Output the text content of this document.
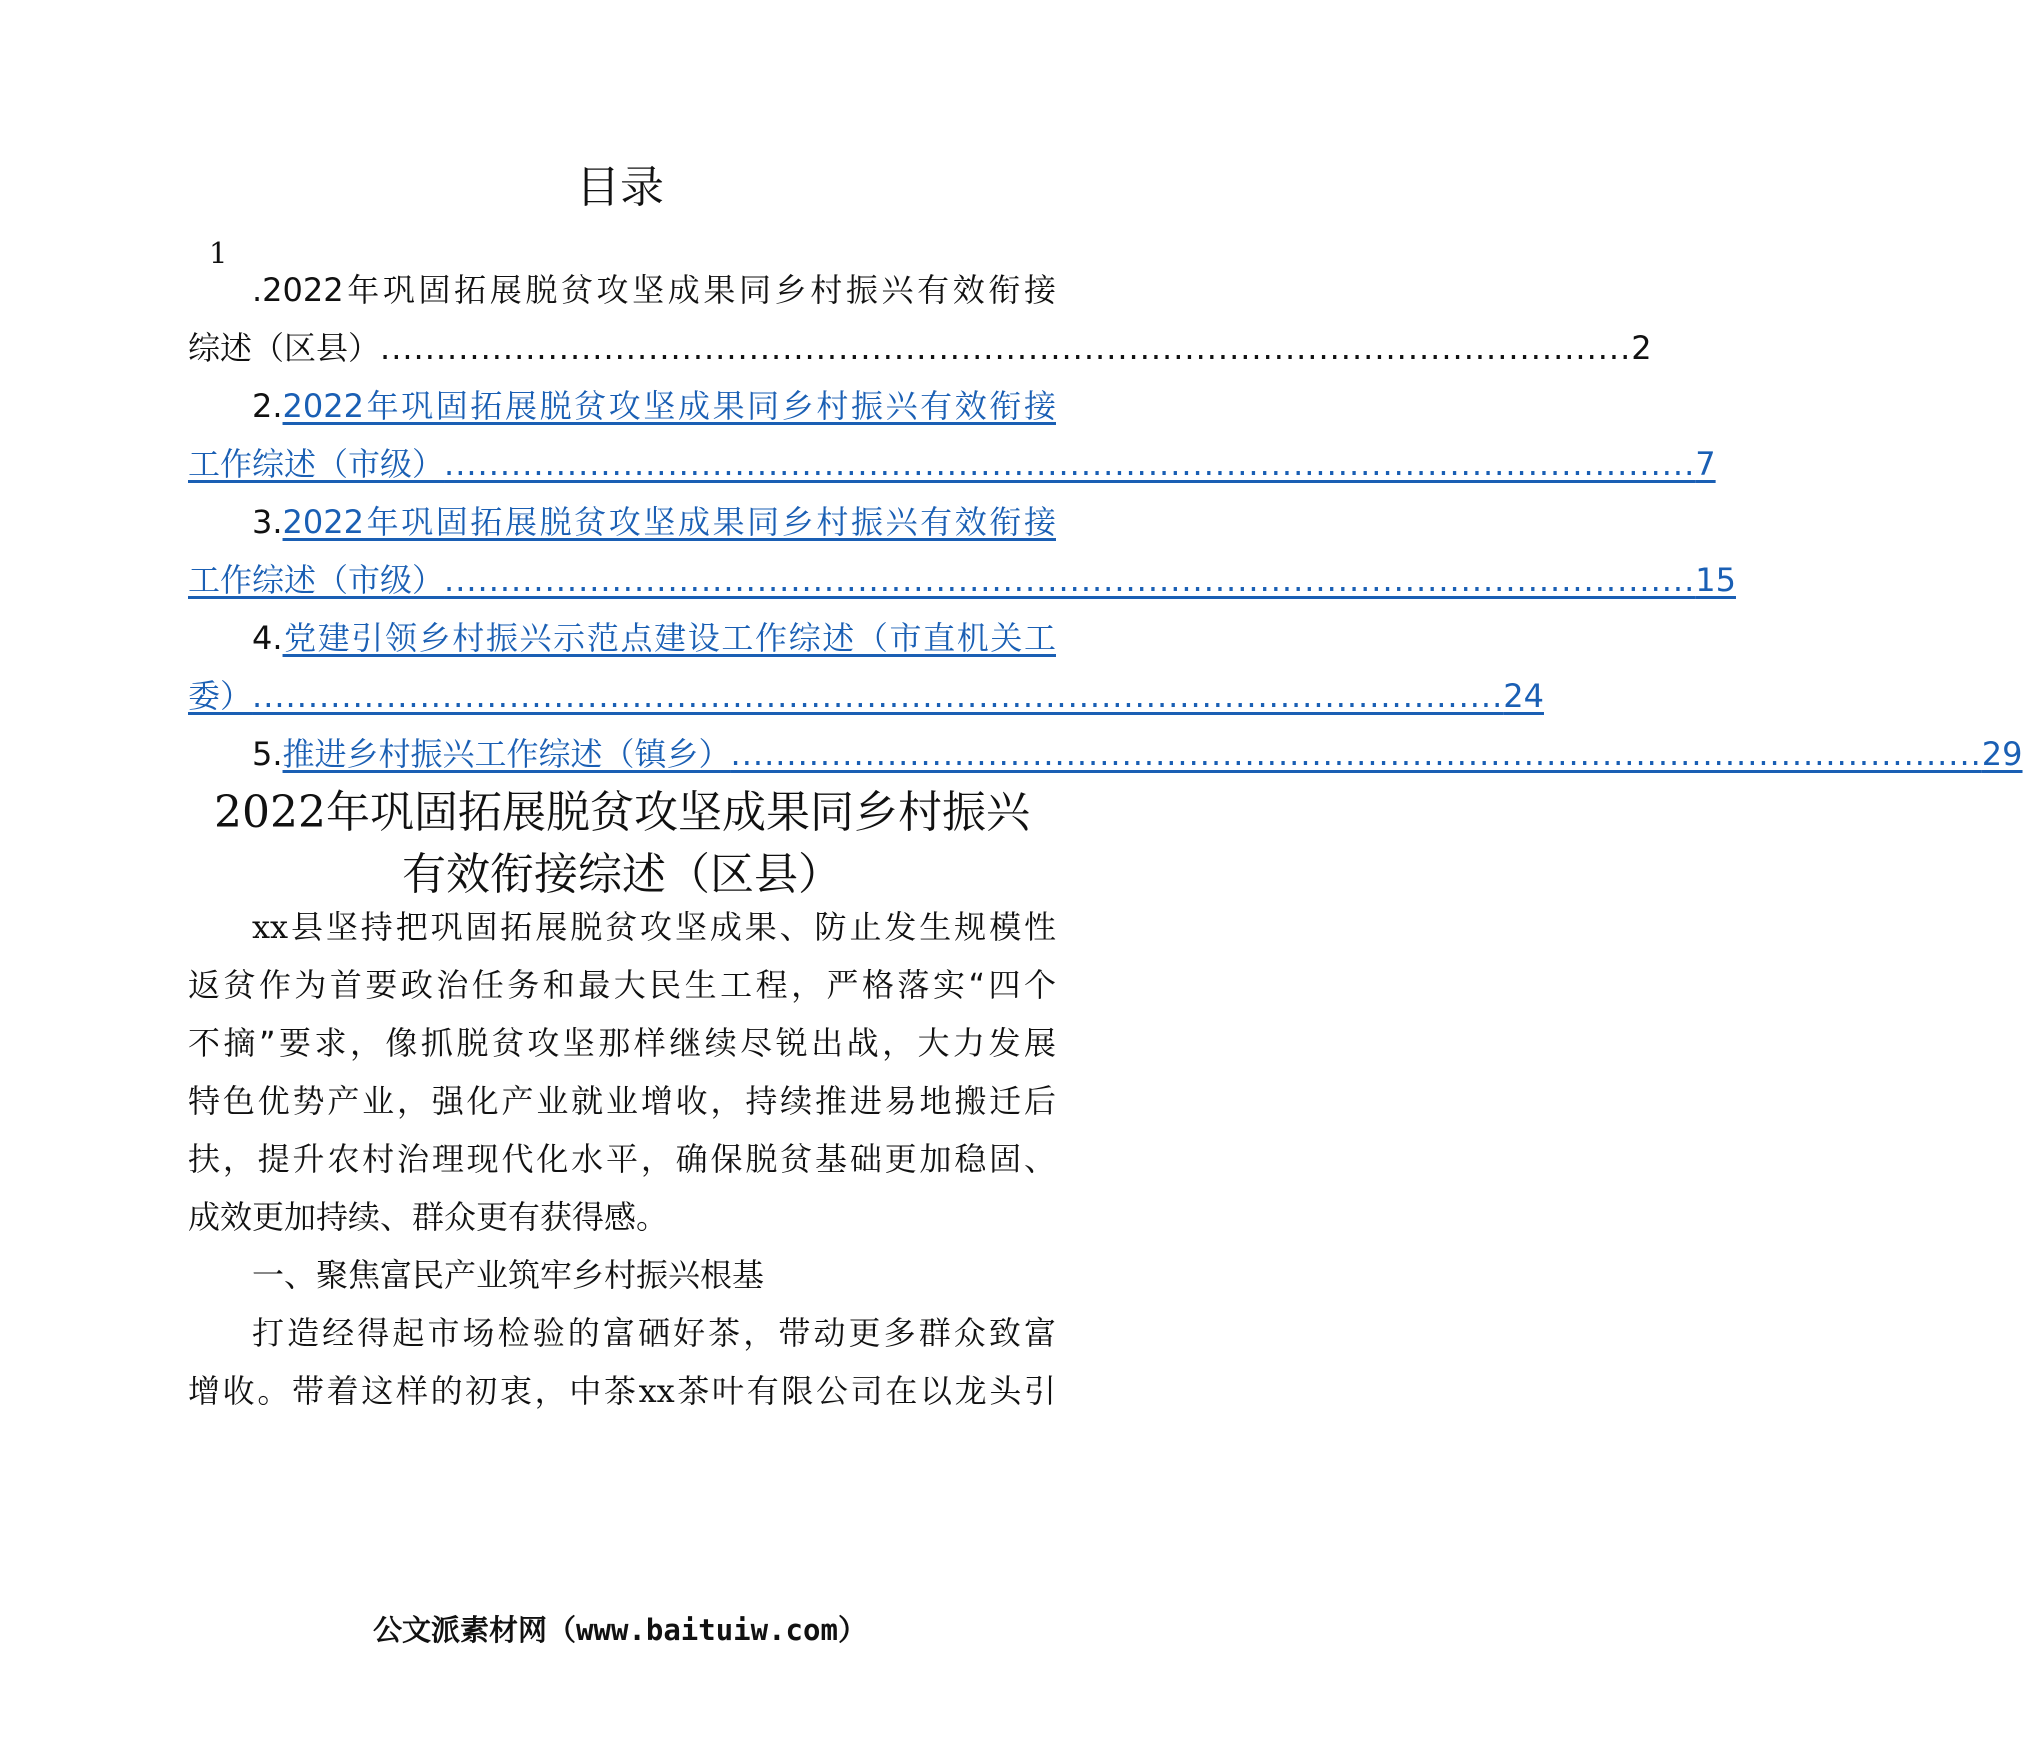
目录
1
.2022年巩固拓展脱贫攻坚成果同乡村振兴有效衔接
综述（区县） ................................................................................................................ 2
2.2022年巩固拓展脱贫攻坚成果同乡村振兴有效衔接
工作综述（市级） ................................................................................................................ 7
3.2022年巩固拓展脱贫攻坚成果同乡村振兴有效衔接
工作综述（市级） ................................................................................................................ 15
4.党建引领乡村振兴示范点建设工作综述（市直机关工
委） ................................................................................................................ 24
5. 推进乡村振兴工作综述（镇乡） ................................................................................................................ 29
2022年巩固拓展脱贫攻坚成果同乡村振兴
有效衔接综述（区县）
xx县坚持把巩固拓展脱贫攻坚成果、防止发生规模性
返贫作为首要政治任务和最大民生工程，严格落实“四个
不摘”要求，像抓脱贫攻坚那样继续尽锐出战，大力发展
特色优势产业，强化产业就业增收，持续推进易地搬迁后
扶，提升农村治理现代化水平，确保脱贫基础更加稳固、
成效更加持续、群众更有获得感。
一、聚焦富民产业筑牢乡村振兴根基
打造经得起市场检验的富硒好茶，带动更多群众致富
增收。带着这样的初衷，中茶xx茶叶有限公司在以龙头引
公文派素材网（www.baituiw.com）
